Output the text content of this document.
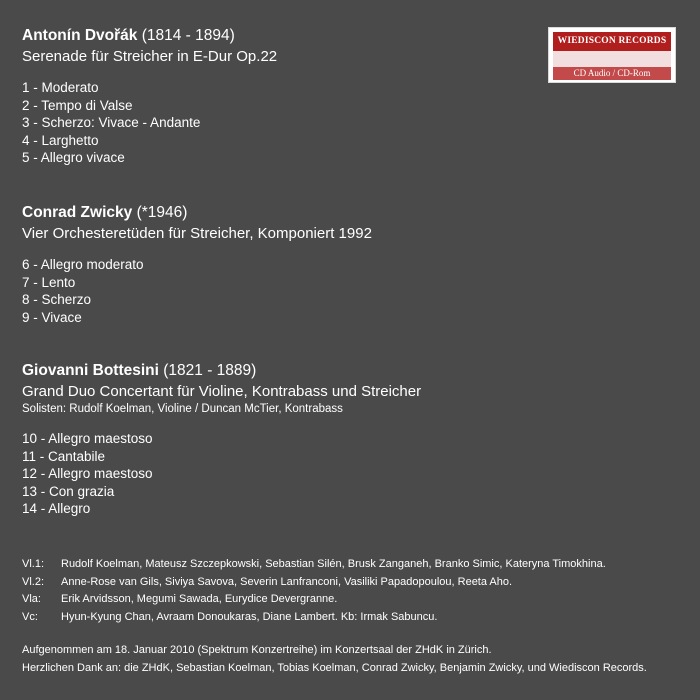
Antonín Dvořák (1814 - 1894)
Serenade für Streicher in E-Dur Op.22
1 - Moderato
2 - Tempo di Valse
3 - Scherzo: Vivace - Andante
4 - Larghetto
5 - Allegro vivace
Conrad Zwicky (*1946)
Vier Orchesteretüden für Streicher, Komponiert 1992
6 - Allegro moderato
7 - Lento
8 - Scherzo
9 - Vivace
Giovanni Bottesini (1821 - 1889)
Grand Duo Concertant für Violine, Kontrabass und Streicher
Solisten: Rudolf Koelman, Violine / Duncan McTier, Kontrabass
10 - Allegro maestoso
11 - Cantabile
12 - Allegro maestoso
13 - Con grazia
14 - Allegro
Vl.1:	Rudolf Koelman, Mateusz Szczepkowski, Sebastian Silén, Brusk Zanganeh, Branko Simic, Kateryna Timokhina.
Vl.2:	Anne-Rose van Gils, Siviya Savova, Severin Lanfranconi, Vasiliki Papadopoulou, Reeta Aho.
Vla:	Erik Arvidsson, Megumi Sawada, Eurydice Devergranne.
Vc:	Hyun-Kyung Chan, Avraam Donoukaras, Diane Lambert. Kb: Irmak Sabuncu.
Aufgenommen am 18. Januar 2010 (Spektrum Konzertreihe) im Konzertsaal der ZHdK in Zürich.
Herzlichen Dank an: die ZHdK, Sebastian Koelman, Tobias Koelman, Conrad Zwicky, Benjamin Zwicky, und Wiediscon Records.
WIEDISCON RECORDS
CD Audio / CD-Rom
